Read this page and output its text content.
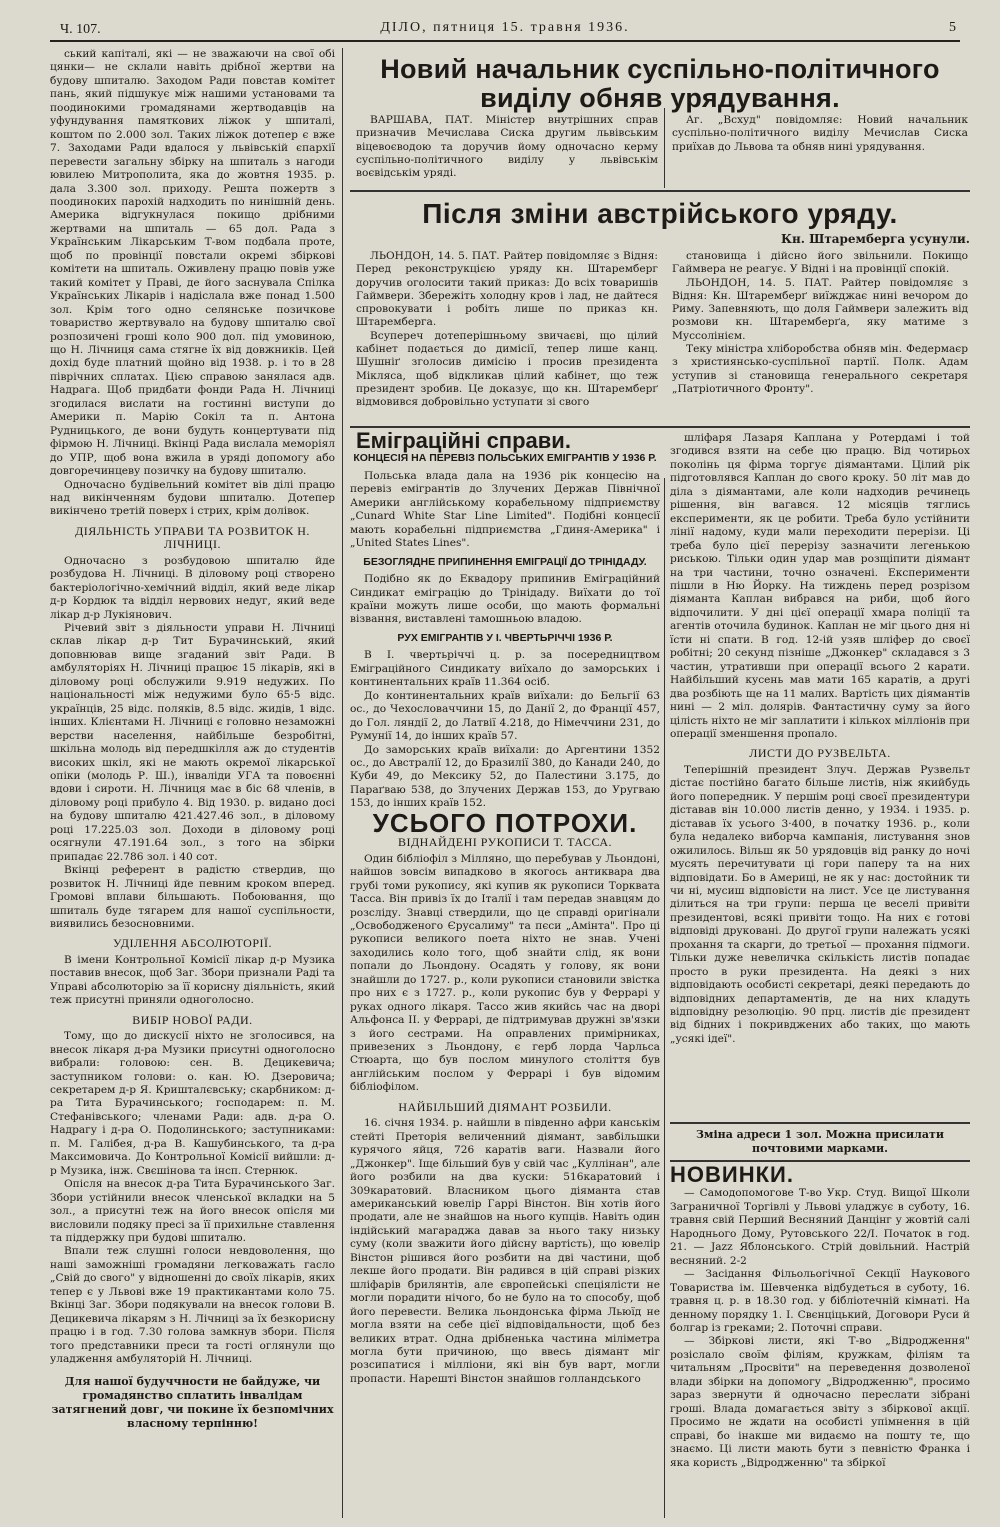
Ч. 107.	ДІЛО, пятниця 15. травня 1936.	5

ський капіталі, які — не зважаючи на свої обі цянки— не склали навіть дрібної жертви на будову шпиталю. Заходом Ради повстав комітет пань, який підшукує між нашими установами та поодинокими громадянами жертводавців на уфундування памяткових ліжок у шпиталі, коштом по 2.000 зол. Таких ліжок дотепер є вже 7. Заходами Ради вдалося у львівській єпархії перевести загальну збірку на шпиталь з нагоди ювилею Митрополита, яка до жовтня 1935. р. дала 3.300 зол. приходу. Решта пожертв з поодиноких парохій надходить по нинішній день. Америка відгукнулася покищо дрібними жертвами на шпиталь — 65 дол. Рада з Українським Лікарським Т-вом подбала проте, щоб по провінції повстали окремі збіркові комітети на шпиталь. Оживлену працю повів уже такий комітет у Праві, де його заснувала Спілка Українських Лікарів і надіслала вже понад 1.500 зол. Крім того одно селянське позичкове товариство жертвувало на будову шпиталю свої розпозичені гроші коло 900 дол. під умовиною, що Н. Лічниця сама стягне їх від довжників. Цей дохід буде платний щойно від 1938. р. і то в 28 піврічних сплатах. Цією справою занялася адв. Надрага. Щоб придбати фонди Рада Н. Лічниці згодилася вислати на гостинні виступи до Америки п. Марію Сокіл та п. Антона Рудницького, де вони будуть концертувати під фірмою Н. Лічниці. Вкінці Рада вислала меморіял до УПР, щоб вона вжила в уряді допомогу або довгоречинцеву позичку на будову шпиталю.

Одночасно будівельний комітет вів ділі працю над викінченням будови шпиталю. Дотепер викінчено третій поверх і стрих, крім долівок.

ДІЯЛЬНІСТЬ УПРАВИ ТА РОЗВИТОК Н. ЛІЧНИЦІ.

Одночасно з розбудовою шпиталю йде розбудова Н. Лічниці. В діловому році створено бактеріологічно-хемічний відділ, який веде лікар д-р Кордюк та відділ нервових недуг, який веде лікар д-р Лукіянович.

Річевий звіт з діяльности управи Н. Лічниці склав лікар д-р Тит Бурачинський, який доповнював вище згаданий звіт Ради. В амбуляторіях Н. Лічниці працює 15 лікарів, які в діловому році обслужили 9.919 недужих. По національності між недужими було 65·5 відс. українців, 25 відс. поляків, 8.5 відс. жидів, 1 відс. інших. Клієнтами Н. Лічниці є головно незаможні верстви населення, найбільше безробітні, шкільна молодь від передшкілля аж до студентів високих шкіл, які не мають окремої лікарської опіки (молодь Р. Ш.), інваліди УГА та повоєнні вдови і сироти. Н. Лічниця має в біс 68 членів, в діловому році прибуло 4. Від 1930. р. видано досі на будову шпиталю 421.427.46 зол., в діловому році 17.225.03 зол. Доходи в діловому році осягнули 47.191.64 зол., з того на збірки припадає 22.786 зол. і 40 сот.

Вкінці референт в радістю ствердив, що розвиток Н. Лічниці йде певним кроком вперед. Громові вплави більшають. Побоювання, що шпиталь буде тягарем для нашої суспільности, виявились безосновними.

УДІЛЕННЯ АБСОЛЮТОРІЇ.

В імени Контрольної Комісії лікар д-р Музика поставив внесок, щоб Заг. Збори признали Раді та Управі абсолюторію за її корисну діяльність, який теж присутні приняли одноголосно.

ВИБІР НОВОЇ РАДИ.

Тому, що до дискусії ніхто не зголосився, на внесок лікаря д-ра Музики присутні одноголосно вибрали: головою: сен. В. Децикевича; заступником голови: о. кан. Ю. Дзеровича; секретарем д-р Я. Кришталєвську; скарбником: д-ра Тита Бурачинського; господарем: п. М. Стефанівського; членами Ради: адв. д-ра О. Надрагу і д-ра О. Подолинського; заступниками: п. М. Галібея, д-ра В. Кашубинського, та д-ра Максимовича. До Контрольної Комісії вийшли: д-р Музика, інж. Свєшінова та інсп. Стернюк.

Опісля на внесок д-ра Тита Бурачинського Заг. Збори устійнили внесок членської вкладки на 5 зол., а присутні теж на його внесок опісля ми висловили подяку пресі за її прихильне ставлення та піддержку при будові шпиталю.

Впали теж слушні голоси невдоволення, що наші заможніші громадяни легковажать гасло „Свій до свого" у відношенні до своїх лікарів, яких тепер є у Львові вже 19 практикантами коло 75. Вкінці Заг. Збори подякували на внесок голови В. Децикевича лікарям з Н. Лічниці за їх безкорисну працю і в год. 7.30 голова замкнув збори. Після того представники преси та гості оглянули що уладження амбуляторій Н. Лічниці.

Для нашої будуччности не байдуже, чи громадянство сплатить інвалідам затягнений довг, чи покине їх безпомічних власному терпінню!
Новий начальник суспільно-політичного виділу обняв урядування.

ВАРШАВА, ПАТ. Міністер внутрішних справ призначив Мечислава Сиска другим львівським віцевоєводою та доручив йому одночасно керму суспільно-політичного виділу у львівськім воєвідськім уряді.

Аг. „Всхуд" повідомляє: Новий начальник суспільно-політичного виділу Мечислав Сиска приїхав до Львова та обняв нині урядування.

Після зміни австрійського уряду.
Кн. Штаремберга усунули.

ЛЬОНДОН, 14. 5. ПАТ. Райтер повідомляє з Відня: Перед реконструкцією уряду кн. Штаремберг доручив оголосити такий приказ: До всіх товаришів Гаймвери. Збережіть холодну кров і лад, не дайтеся спровокувати і робіть лише по приказ кн. Штаремберга.

Всупереч дотеперішньому звичаєві, що цілий кабінет подається до димісії, тепер лише канц. Шушніґ зголосив димісію і просив президента Мікляса, щоб відкликав цілий кабінет, що теж президент зробив. Це доказує, що кн. Штаремберґ відмовився добровільно уступати зі свого

становища і дійсно його звільнили. Покищо Гаймвера не реагує. У Відні і на провінції спокій.

ЛЬОНДОН, 14. 5. ПАТ. Райтер повідомляє з Відня: Кн. Штаремберґ виїжджає нині вечором до Риму. Запевняють, що доля Гаймвери залежить від розмови кн. Штаремберґа, яку матиме з Муссолінієм.

Теку міністра хліборобства обняв мін. Федермаєр з християнсько-суспільної партії. Полк. Адам уступив зі становища генерального секретаря „Патріотичного Фронту".

Еміграційні справи.
КОНЦЕСІЯ НА ПЕРЕВІЗ ПОЛЬСЬКИХ ЕМІГРАНТІВ У 1936 Р.

Польська влада дала на 1936 рік концесію на перевіз емігрантів до Злучених Держав Північної Америки англійському корабельному підприємству „Cunard White Star Line Limited". Подібні концесії мають корабельні підприємства „Гдиня-Америка" і „United States Lines".

БЕЗОГЛЯДНЕ ПРИПИНЕННЯ ЕМІГРАЦІЇ ДО ТРІНІДАДУ.

Подібно як до Еквадору припинив Еміграційний Синдикат еміграцію до Трінідаду. Виїхати до тої країни можуть лише особи, що мають формальні візвання, виставлені тамошньою владою.

РУХ ЕМІГРАНТІВ У І. ЧВЕРТЬРІЧЧІ 1936 Р.

В І. чвертьріччі ц. р. за посередництвом Еміграційного Синдикату виїхало до заморських і континентальних країв 11.364 осіб.

До континентальних країв виїхали: до Бельгії 63 ос., до Чехословаччини 15, до Данії 2, до Франції 457, до Гол. ляндії 2, до Латвії 4.218, до Німеччини 231, до Румунії 14, до інших країв 57.

До заморських країв виїхали: до Аргентини 1352 ос., до Австралії 12, до Бразилії 380, до Канади 240, до Куби 49, до Мексику 52, до Палестини 3.175, до Параґваю 538, до Злучених Держав 153, до Уругваю 153, до інших країв 152.

УСЬОГО ПОТРОХИ.
ВІДНАЙДЕНІ РУКОПИСИ Т. ТАССА.

Один бібліофіл з Мілляно, що перебував у Льондоні, найшов зовсім випадково в якогось антиквара два грубі томи рукопису, які купив як рукописи Торквата Тасса. Він привіз їх до Італії і там передав знавцям до розсліду. Знавці ствердили, що це справді оригінали „Освободженого Єрусалиму" та пєси „Амінта". Про ці рукописи великого поета ніхто не знав. Учені заходились коло того, щоб знайти слід, як вони попали до Льондону. Осадять у голову, як вони знайшли до 1727. р., коли рукописи становили звістка про них є з 1727. р., коли рукопис був у Феррарі у руках одного лікаря. Тассо жив якийсь час на дворі Альфонса II. у Феррарі, де підтримував дружні зв'язки з його сестрами. На оправлених примірниках, привезених з Льондону, є герб лорда Чарльса Стюарта, що був послом минулого століття був англійським послом у Феррарі і був відомим бібліофілом.

НАЙБІЛЬШИЙ ДІЯМАНТ РОЗБИЛИ.

16. січня 1934. р. найшли в південно афри канськім стейті Преторія величенний діямант, завбільшки курячого яйця, 726 каратів ваги. Назвали його „Джонкер". Іще більший був у свій час „Куллінан", але його розбили на два куски: 516каратовий і 309каратовий. Власником цього діяманта став американський ювелір Гаррі Вінстон. Він хотів його продати, але не знайшов на нього купців. Навіть один індійський магараджа давав за нього таку низьку суму (коли зважити його дійсну вартість), що ювелір Вінстон рішився його розбити на дві частини, щоб лекше його продати. Він радився в цій справі різких шліфарів брилянтів, але європейські спеціялісти не могли порадити нічого, бо не було на то способу, щоб його перевести. Велика льондонська фірма Льюїд не могла взяти на себе цієї відповідальности, щоб без великих втрат. Одна дрібненька частина міліметра могла бути причиною, що ввесь діямант міг розсипатися і мілліони, які він був варт, могли пропасти. Нарешті Вінстон знайшов голландського

шліфаря Лазаря Каплана у Ротердамі і той згодився взяти на себе цю працю. Від чотирьох поколінь ця фірма торгує діямантами. Цілий рік підготовлявся Каплан до свого кроку. 50 літ мав до діла з діямантами, але коли надходив речинець рішення, він вагався. 12 місяців тяглись експерименти, як це робити. Треба було устійнити лінії надому, куди мали переходити перерізи. Ці треба було цієї перерізу зазначити легенькою риською. Тільки один удар мав розщіпити діямант на три частини, точно означені. Експерименти пішли в Ню Йорку. На тиждень перед розрізом діяманта Каплан вибрався на риби, щоб його відпочилити. У дні цієї операції хмара поліції та агентів оточила будинок. Каплан не міг цього дня ні їсти ні спати. В год. 12-ій узяв шліфер до своєї робітні; 20 секунд пізніше „Джонкер" складався з 3 частин, утративши при операції всього 2 карати. Найбільший кусень мав мати 165 каратів, а другі два розбіють ще на 11 малих. Вартість цих діямантів нині — 2 міл. долярів. Фантастичну суму за його цілість ніхто не міг заплатити і кількох мілліонів при операції зменшення пропало.

ЛИСТИ ДО РУЗВЕЛЬТА.

Теперішній президент Злуч. Держав Рузвельт дістає постійно багато більше листів, ніж якийбудь його попередник. У першім році своєї президентури діставав він 10.000 листів денно, у 1934. і 1935. р. діставав їх усього 3·400, в початку 1936. р., коли була недалеко виборча кампанія, листування знов ожилилось. Вільш як 50 урядовців від ранку до ночі мусять перечитувати ці гори паперу та на них відповідати. Бо в Америці, не як у нас: достойник ти чи ні, мусиш відповісти на лист. Усе це листування ділиться на три групи: перша це веселі привіти президентові, всякі привіти тощо. На них є готові відповіді друковані. До другої групи належать усякі прохання та скарги, до третьої — прохання підмоги. Тільки дуже невеличка скількість листів попадає просто в руки президента. На деякі з них відповідають особисті секретарі, деякі передають до відповідних департаментів, де на них кладуть відповідну резолюцію. 90 прц. листів діє президент від бідних і покривджених або таких, що мають „усякі ідеї".

Зміна адреси 1 зол. Можна присилати почтовими марками.
НОВИНКИ.

— Самодопомогове Т-во Укр. Студ. Вищої Школи Заграничної Торгівлі у Львові уладжує в суботу, 16. травня свій Перший Весняний Данцінг у жовтій салі Народнього Дому, Рутовського 22/I. Початок в год. 21. — Jazz Яблонського. Стрій довільний. Настрій весняний. 2-2

— Засідання Фільольогічної Секції Наукового Товариства ім. Шевченка відбудеться в суботу, 16. травня ц. р. в 18.30 год. у бібліотечній кімнаті. На денному порядку 1. І. Свєнціцький, Договори Руси й болгар із греками; 2. Поточні справи.

— Збіркові листи, які Т-во „Відродження" розіслало своїм філіям, кружкам, філіям та читальням „Просвіти" на переведення дозволеної влади збірки на допомогу „Відродженню", просимо зараз звернути й одночасно переслати зібрані гроші. Влада домагається звіту з збіркової акції. Просимо не ждати на особисті упімнення в цій справі, бо інакше ми видаємо на пошту те, що знаємо. Ці листи мають бути з певністю Франка і яка користь „Відродженню" та збіркої
